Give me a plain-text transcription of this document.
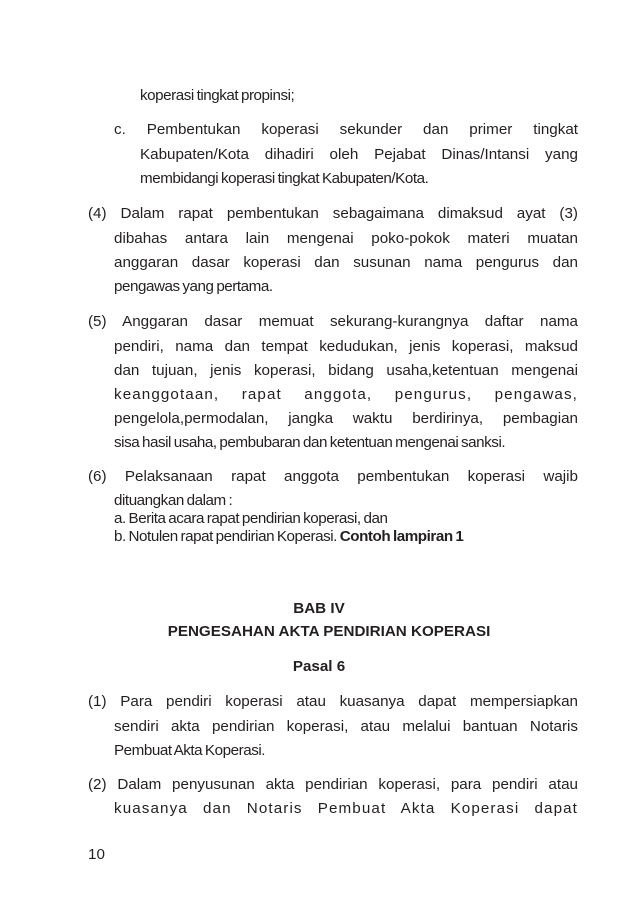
koperasi tingkat propinsi;
c. Pembentukan koperasi sekunder dan primer tingkat
Kabupaten/Kota dihadiri oleh Pejabat Dinas/Intansi yang
membidangi koperasi tingkat Kabupaten/Kota.
(4) Dalam rapat pembentukan sebagaimana dimaksud ayat (3)
dibahas antara lain mengenai poko-pokok materi muatan
anggaran dasar koperasi dan susunan nama pengurus dan
pengawas yang pertama.
(5) Anggaran dasar memuat sekurang-kurangnya daftar nama
pendiri, nama dan tempat kedudukan, jenis koperasi, maksud
dan tujuan, jenis koperasi, bidang usaha,ketentuan mengenai
keanggotaan, rapat anggota, pengurus, pengawas,
pengelola,permodalan, jangka waktu berdirinya, pembagian
sisa hasil usaha, pembubaran dan ketentuan mengenai sanksi.
(6) Pelaksanaan rapat anggota pembentukan koperasi wajib
dituangkan dalam :
a. Berita acara rapat pendirian koperasi, dan
b. Notulen rapat pendirian Koperasi. Contoh lampiran 1
BAB IV
PENGESAHAN AKTA PENDIRIAN KOPERASI
Pasal 6
(1) Para pendiri koperasi atau kuasanya dapat mempersiapkan
sendiri akta pendirian koperasi, atau melalui bantuan Notaris
Pembuat Akta Koperasi.
(2) Dalam penyusunan akta pendirian koperasi, para pendiri atau
kuasanya dan Notaris Pembuat Akta Koperasi dapat
10
